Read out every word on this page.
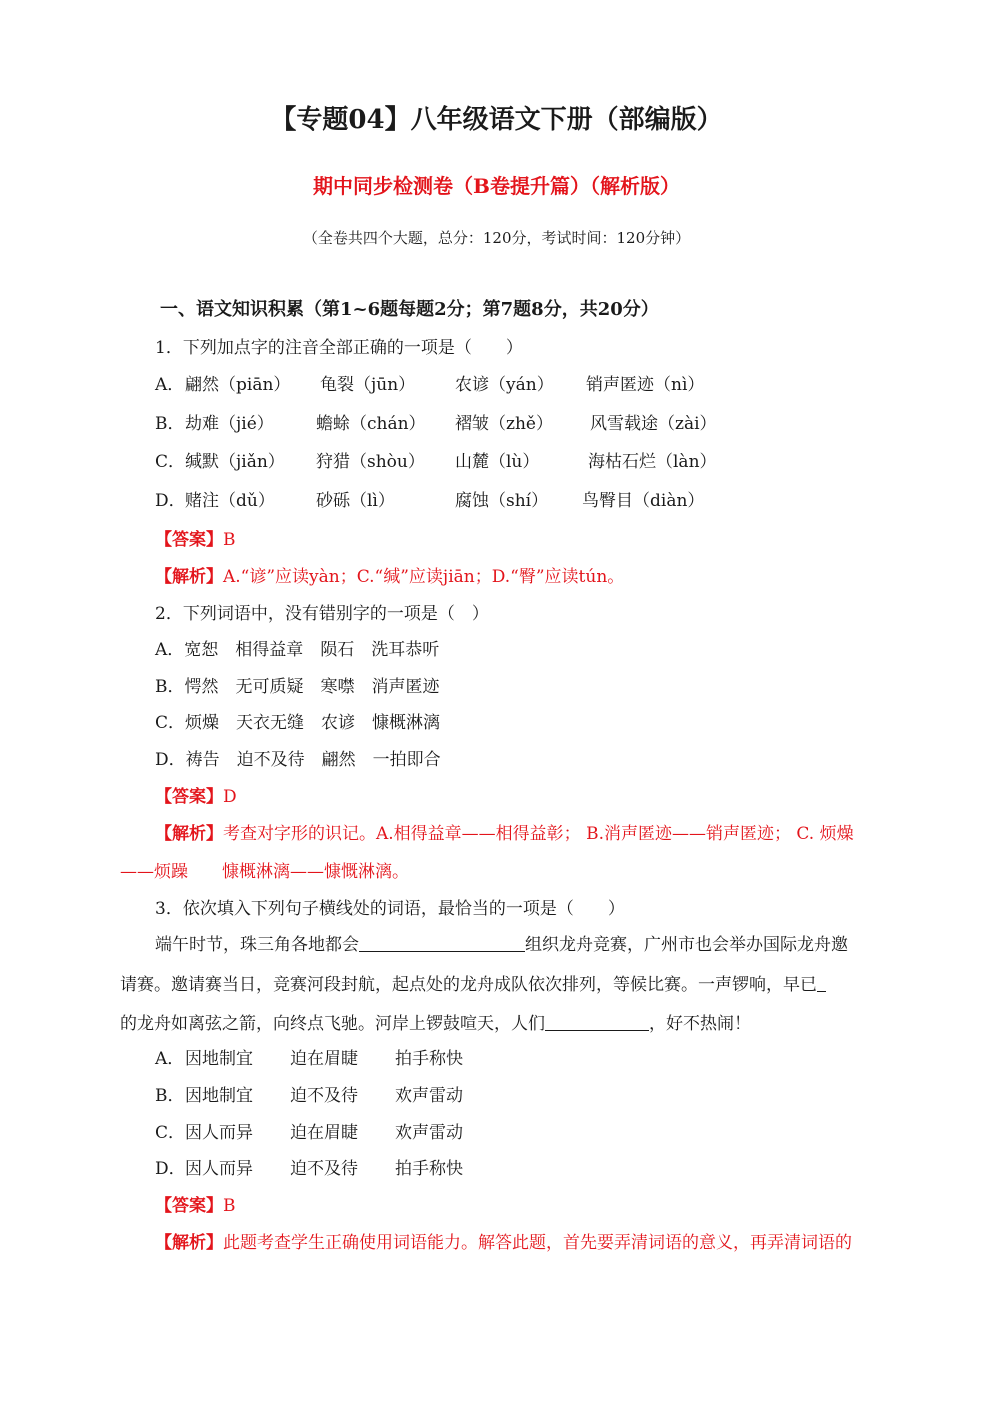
【专题04】八年级语文下册（部编版）
期中同步检测卷（B卷提升篇）（解析版）
（全卷共四个大题，总分：120分，考试时间：120分钟）
一、语文知识积累（第1~6题每题2分；第7题8分，共20分）
1．下列加点字的注音全部正确的一项是（　　）
A． 翩然（piān） 龟裂（jūn） 农谚（yán） 销声匿迹（nì）
B． 劫难（jié） 蟾蜍（chán） 褶皱（zhě） 风雪载途（zài）
C． 缄默（jiǎn） 狩猎（shòu） 山麓（lù）	海枯石烂（làn）
D． 赌注（dǔ） 砂砾（lì）	腐蚀（shí） 鸟臀目（diàn）
【答案】B
【解析】A.“谚”应读yàn；C.“缄”应读jiān；D.“臀”应读tún。
2．下列词语中，没有错别字的一项是（　）
A．宽恕　相得益章　陨石　洗耳恭听
B．愕然　无可质疑　寒噤　消声匿迹
C．烦燥　天衣无缝　农谚　慷概淋漓
D．祷告　迫不及待　翩然　一拍即合
【答案】D
【解析】考查对字形的识记。A.相得益章——相得益彰； B.消声匿迹——销声匿迹； C. 烦燥
——烦躁　　慷概淋漓——慷慨淋漓。
3．依次填入下列句子横线处的词语，最恰当的一项是（　　）
端午时节，珠三角各地都会	组织龙舟竞赛，广州市也会举办国际龙舟邀
请赛。邀请赛当日，竞赛河段封航，起点处的龙舟成队依次排列，等候比赛。一声锣响，早已
的龙舟如离弦之箭，向终点飞驰。河岸上锣鼓喧天，人们	，好不热闹！
A． 因地制宜 迫在眉睫 拍手称快
B． 因地制宜 迫不及待 欢声雷动
C． 因人而异 迫在眉睫 欢声雷动
D． 因人而异 迫不及待 拍手称快
【答案】B
【解析】此题考查学生正确使用词语能力。解答此题，首先要弄清词语的意义，再弄清词语的
